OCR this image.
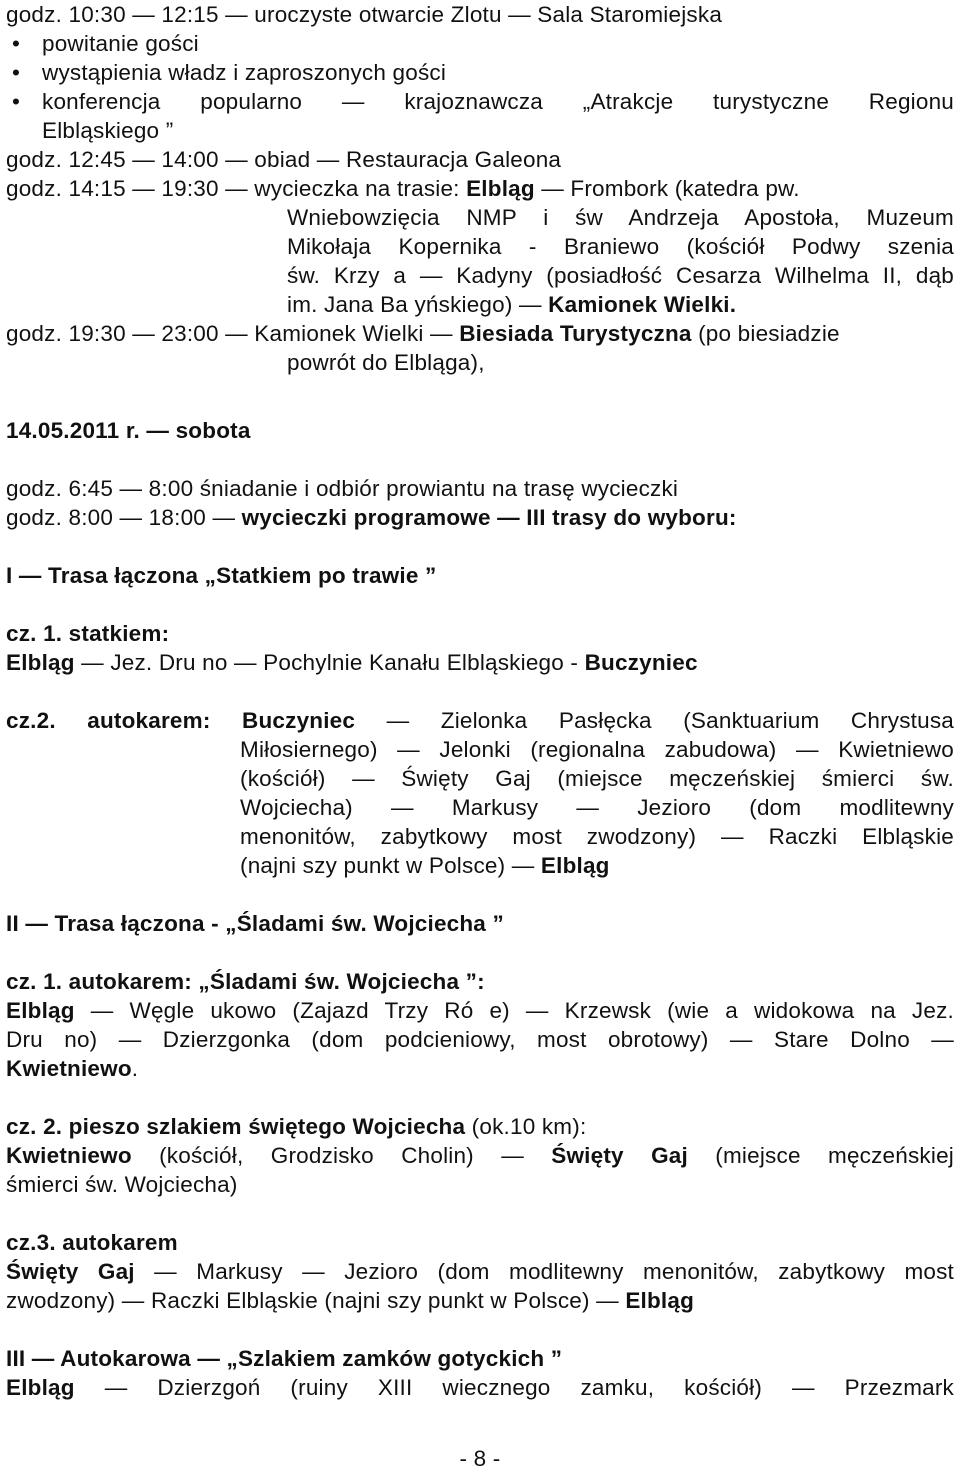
godz. 10:30 — 12:15 — uroczyste otwarcie Zlotu — Sala Staromiejska
• powitanie gości
• wystąpienia władz i zaproszonych gości
• konferencja popularno — krajoznawcza „Atrakcje turystyczne Regionu
Elbląskiego ”
godz. 12:45 — 14:00 — obiad — Restauracja Galeona
godz. 14:15 — 19:30 — wycieczka na trasie: Elbląg — Frombork (katedra pw.
Wniebowzięcia NMP i św Andrzeja Apostoła, Muzeum
Mikołaja Kopernika - Braniewo (kościół Podwy szenia
św. Krzy a — Kadyny (posiadłość Cesarza Wilhelma II, dąb
im. Jana Ba yńskiego) — Kamionek Wielki.
godz. 19:30 — 23:00 — Kamionek Wielki — Biesiada Turystyczna (po biesiadzie
powrót do Elbląga),
14.05.2011 r. — sobota
godz. 6:45 — 8:00 śniadanie i odbiór prowiantu na trasę wycieczki
godz. 8:00 — 18:00 — wycieczki programowe — III trasy do wyboru:
I — Trasa łączona „Statkiem po trawie ”
cz. 1. statkiem:
Elbląg — Jez. Dru no — Pochylnie Kanału Elbląskiego - Buczyniec
cz.2. autokarem: Buczyniec — Zielonka Pasłęcka (Sanktuarium Chrystusa
Miłosiernego) — Jelonki (regionalna zabudowa) — Kwietniewo
(kościół) — Święty Gaj (miejsce męczeńskiej śmierci św.
Wojciecha) — Markusy — Jezioro (dom modlitewny
menonitów, zabytkowy most zwodzony) — Raczki Elbląskie
(najni szy punkt w Polsce) — Elbląg
II — Trasa łączona - „Śladami św. Wojciecha ”
cz. 1. autokarem: „Śladami św. Wojciecha ”:
Elbląg — Węgle ukowo (Zajazd Trzy Ró e) — Krzewsk (wie a widokowa na Jez.
Dru no) — Dzierzgonka (dom podcieniowy, most obrotowy) — Stare Dolno —
Kwietniewo.
cz. 2. pieszo szlakiem świętego Wojciecha (ok.10 km):
Kwietniewo (kościół, Grodzisko Cholin) — Święty Gaj (miejsce męczeńskiej
śmierci św. Wojciecha)
cz.3. autokarem
Święty Gaj — Markusy — Jezioro (dom modlitewny menonitów, zabytkowy most
zwodzony) — Raczki Elbląskie (najni szy punkt w Polsce) — Elbląg
III — Autokarowa — „Szlakiem zamków gotyckich ”
Elbląg — Dzierzgoń (ruiny XIII wiecznego zamku, kościół) — Przezmark
- 8 -
